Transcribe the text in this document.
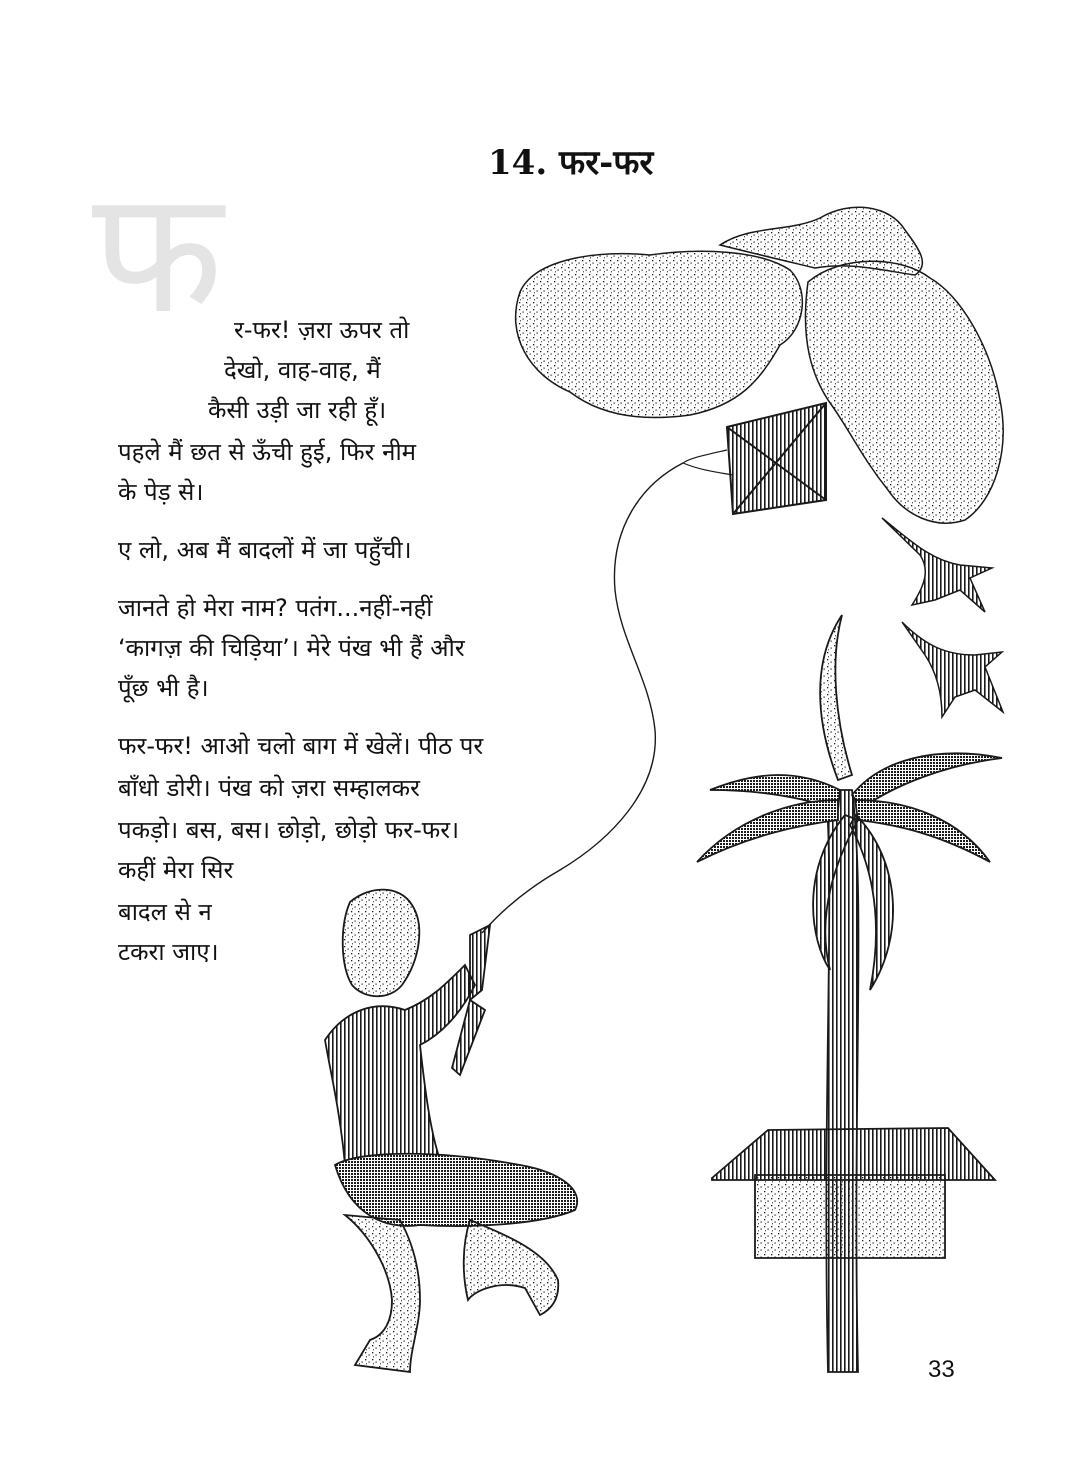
फ	14. फर-फर
र-फर! ज़रा ऊपर तो
देखो, वाह-वाह, मैं
कैसी उड़ी जा रही हूँ।
पहले मैं छत से ऊँची हुई, फिर नीम
के पेड़ से।
ए लो, अब मैं बादलों में जा पहुँची।
जानते हो मेरा नाम? पतंग...नहीं-नहीं
‘कागज़ की चिड़िया’। मेरे पंख भी हैं और
पूँछ भी है।
फर-फर! आओ चलो बाग में खेलें। पीठ पर
बाँधो डोरी। पंख को ज़रा सम्हालकर
पकड़ो। बस, बस। छोड़ो, छोड़ो फर-फर।
कहीं मेरा सिर
बादल से न
टकरा जाए।
33
